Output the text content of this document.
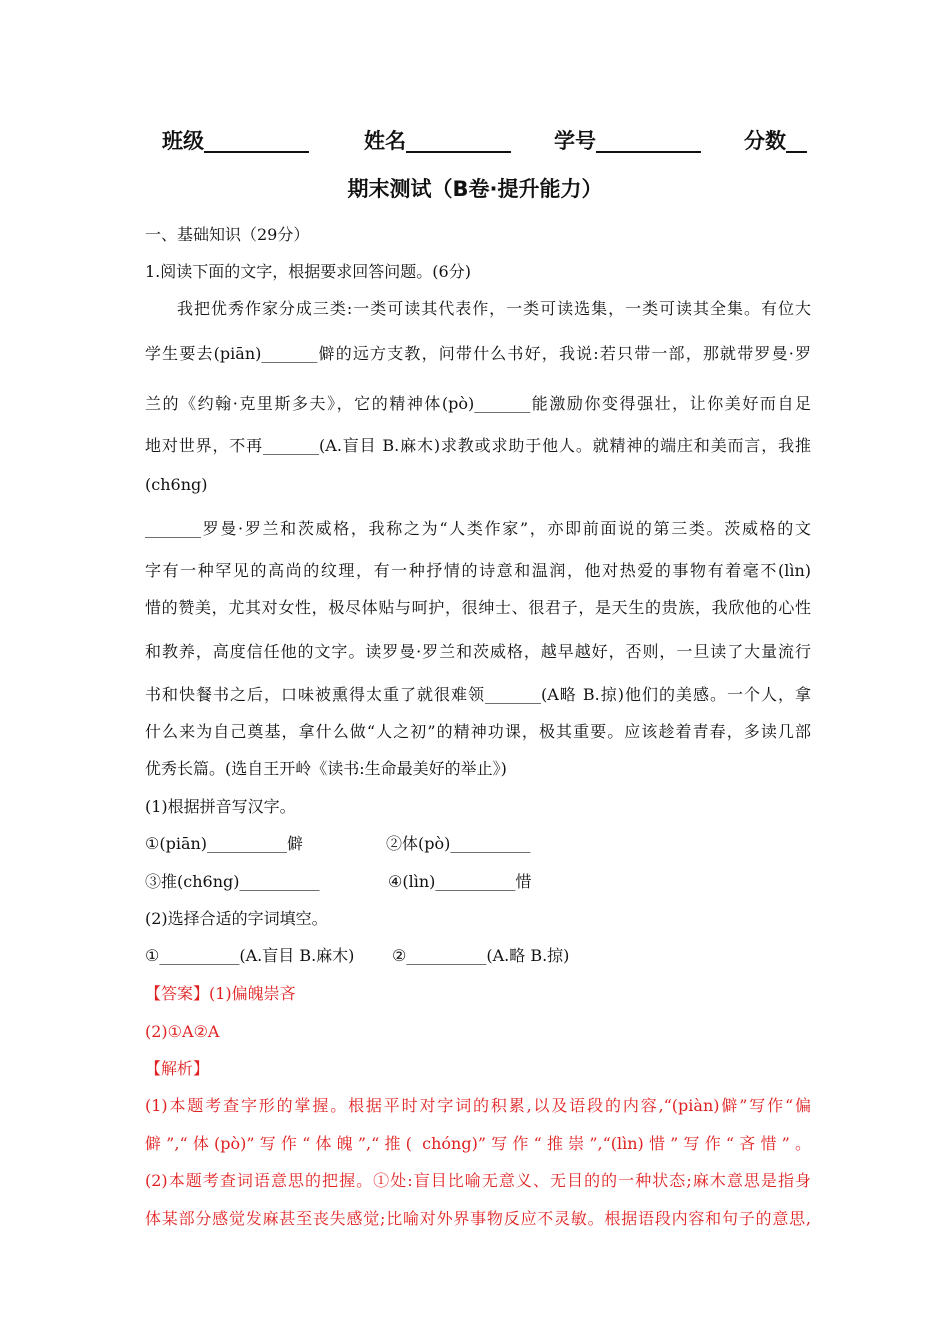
班级__________	姓名__________ 学号__________ 分数__
期末测试（B卷·提升能力）
一、基础知识（29分）
1.阅读下面的文字，根据要求回答问题。(6分)
我把优秀作家分成三类:一类可读其代表作，一类可读选集，一类可读其全集。有位大
学生要去(piān)_______僻的远方支教，问带什么书好，我说:若只带一部，那就带罗曼·罗
兰的《约翰·克里斯多夫》，它的精神体(pò)_______能激励你变得强壮，让你美好而自足
地对世界，不再_______(A.盲目 B.麻木)求教或求助于他人。就精神的端庄和美而言，我推
(ch6ng)
_______罗曼·罗兰和茨威格，我称之为“人类作家”，亦即前面说的第三类。茨威格的文
字有一种罕见的高尚的纹理，有一种抒情的诗意和温润，他对热爱的事物有着毫不(lìn)
惜的赞美，尤其对女性，极尽体贴与呵护，很绅士、很君子，是天生的贵族，我欣他的心性
和教养，高度信任他的文字。读罗曼·罗兰和茨威格，越早越好，否则，一旦读了大量流行
书和快餐书之后，口味被熏得太重了就很难领_______(A略 B.掠)他们的美感。一个人，拿
什么来为自己奠基，拿什么做“人之初”的精神功课，极其重要。应该趁着青春，多读几部
优秀长篇。(选自王开岭《读书:生命最美好的举止》)
(1)根据拼音写汉字。
①(piān)__________僻	②体(pò)__________
③推(ch6ng)__________	④(lìn)__________惜
(2)选择合适的字词填空。
①__________(A.盲目 B.麻木) ②__________(A.略 B.掠)
【答案】(1)偏魄崇吝
(2)①A②A
【解析】
(1)本题考查字形的掌握。根据平时对字词的积累,以及语段的内容,“(piàn)僻”写作“偏
僻”,“体(pò)”写作“体魄”,“推( chóng)”写作“推崇”,“(lìn)惜”写作“吝惜”。
(2)本题考查词语意思的把握。①处:盲目比喻无意义、无目的的一种状态;麻木意思是指身
体某部分感觉发麻甚至丧失感觉;比喻对外界事物反应不灵敏。根据语段内容和句子的意思,
